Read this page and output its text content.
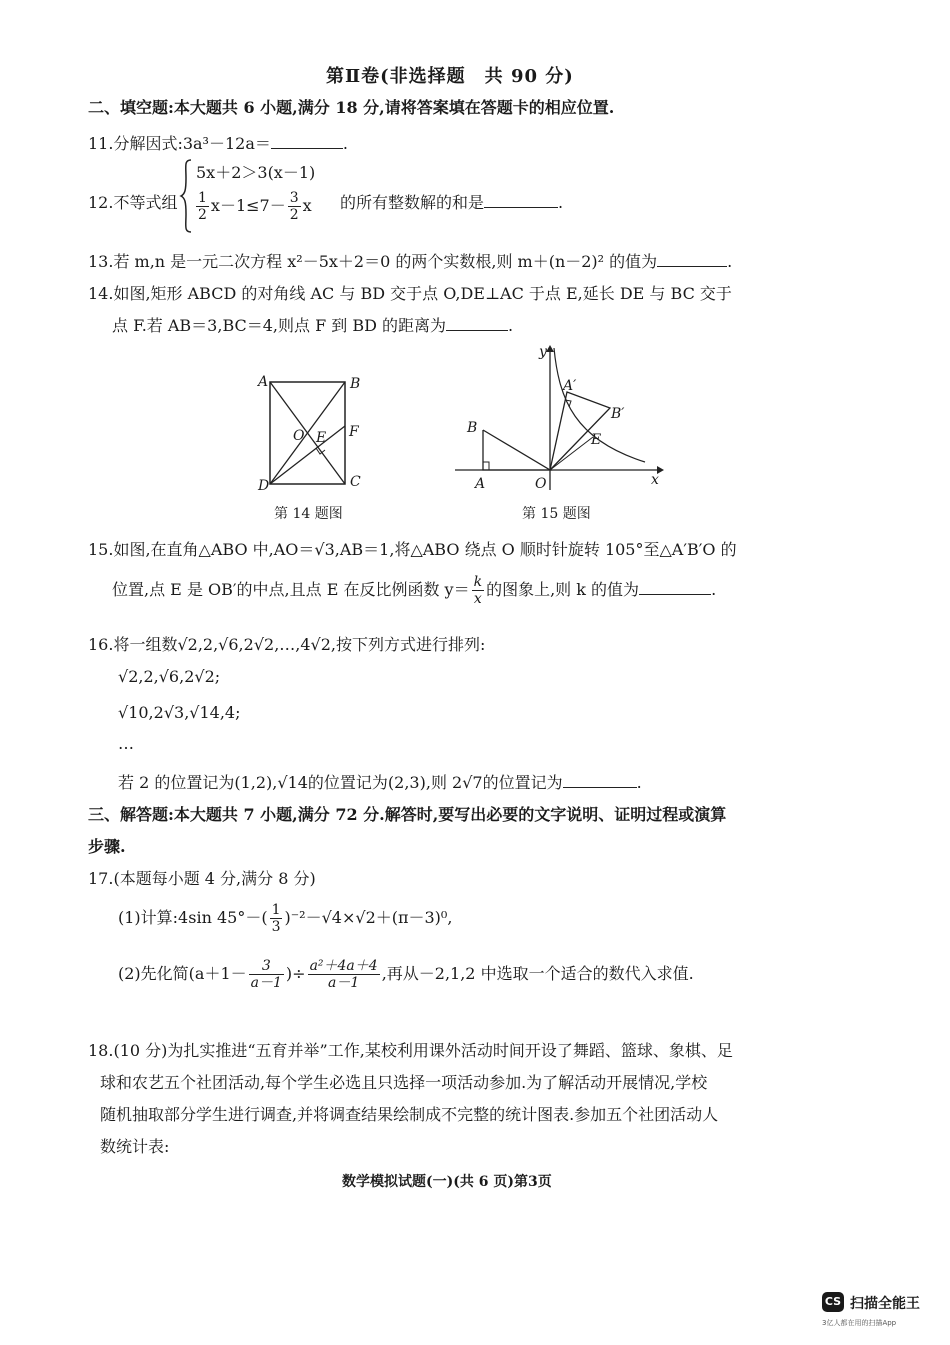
第Ⅱ卷(非选择题　共 90 分)
二、填空题:本大题共 6 小题,满分 18 分,请将答案填在答题卡的相应位置.
11.分解因式:3a³－12a＝	.
12.不等式组
5x＋2＞3(x－1)
$\frac{1}{2} x-1\le 7- \frac{3}{2}$ x 的所有整数解的和是	.
13.若 m,n 是一元二次方程 x²－5x＋2＝0 的两个实数根,则 m＋(n－2)² 的值为	.
14.如图,矩形 ABCD 的对角线 AC 与 BD 交于点 O,DE⊥AC 于点 E,延长 DE 与 BC 交于
点 F.若 AB＝3,BC＝4,则点 F 到 BD 的距离为	.
A	B
C
D
O E F
第 14 题图
y
x
O
A
B
A′
B′
E
第 15 题图
15.如图,在直角△ABO 中,AO＝√3,AB＝1,将△ABO 绕点 O 顺时针旋转 105°至△A′B′O 的
位置,点 E 是 OB′的中点,且点 E 在反比例函数 $y= \frac{k}{x}$ 的图象上,则 k 的值为	.
16.将一组数√2,2,√6,2√2,…,4√2,按下列方式进行排列:
√2,2,√6,2√2;
√10,2√3,√14,4;
…
若 2 的位置记为(1,2),√14的位置记为(2,3),则 2√7的位置记为	.
三、解答题:本大题共 7 小题,满分 72 分.解答时,要写出必要的文字说明、证明过程或演算
步骤.
17.(本题每小题 4 分,满分 8 分)
(1)计算:4sin $45^\circ-( \frac{1}{3} )^{-2}-√4\times√2+(\pi-3)^0$,
(2)先化简($a+1- \frac{3}{a-1}$ )÷ $\frac{\text{a²＋4a＋4}}{a-1}$ ,再从－2,1,2 中选取一个适合的数代入求值.
18.(10 分)为扎实推进“五育并举”工作,某校利用课外活动时间开设了舞蹈、篮球、象棋、足
球和农艺五个社团活动,每个学生必选且只选择一项活动参加.为了解活动开展情况,学校
随机抽取部分学生进行调查,并将调查结果绘制成不完整的统计图表.参加五个社团活动人
数统计表:
数学模拟试题(一)(共 6 页)第3页
CS 扫描全能王
3亿人都在用的扫描App
